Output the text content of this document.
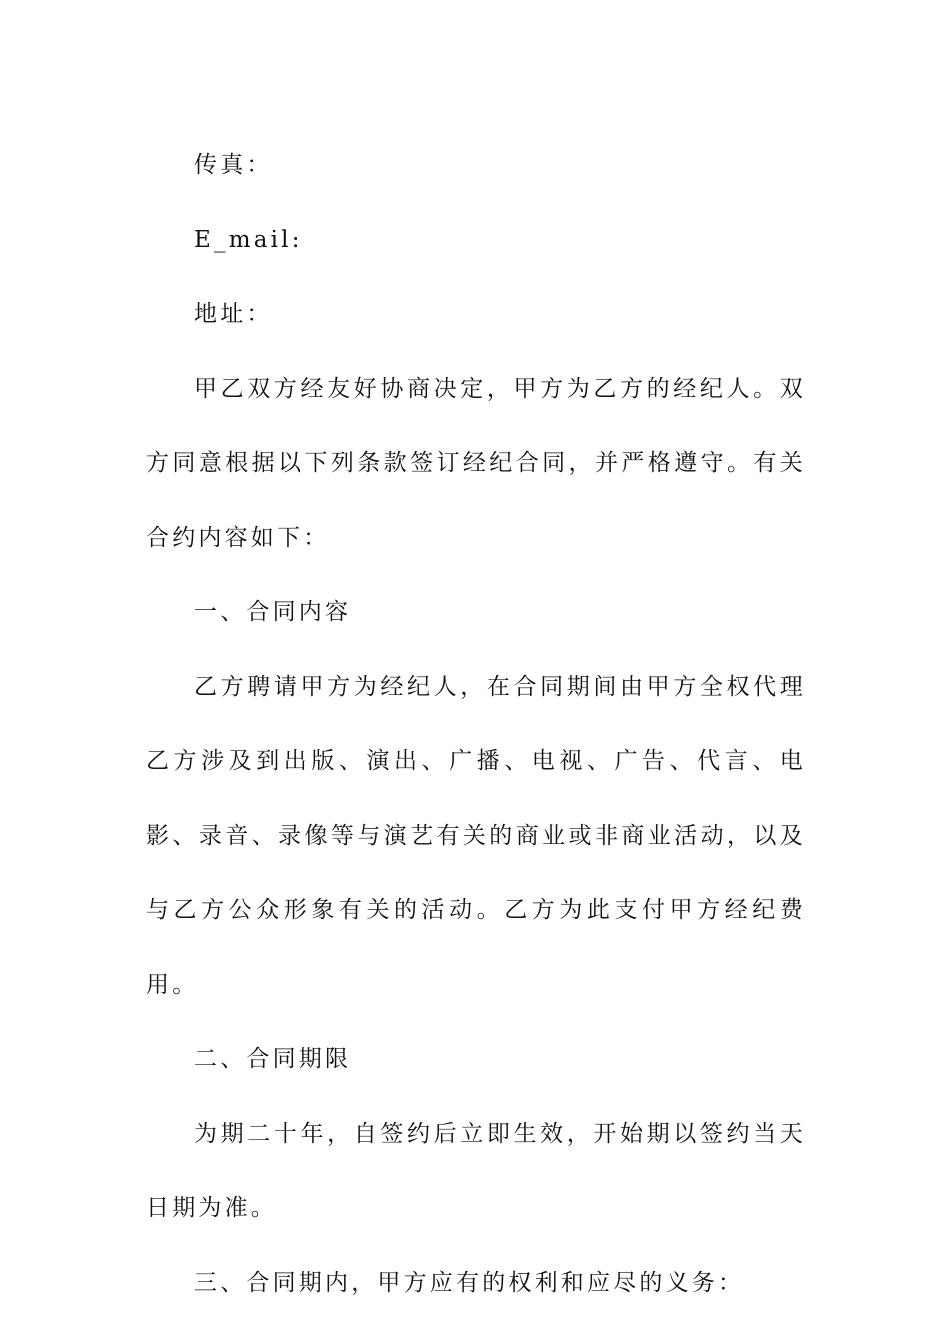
传真：

E_mail:

地址：

甲乙双方经友好协商决定，甲方为乙方的经纪人。双方同意根据以下列条款签订经纪合同，并严格遵守。有关合约内容如下：

一、合同内容

乙方聘请甲方为经纪人，在合同期间由甲方全权代理乙方涉及到出版、演出、广播、电视、广告、代言、电影、录音、录像等与演艺有关的商业或非商业活动，以及与乙方公众形象有关的活动。乙方为此支付甲方经纪费用。

二、合同期限

为期二十年，自签约后立即生效，开始期以签约当天日期为准。

三、合同期内，甲方应有的权利和应尽的义务：
